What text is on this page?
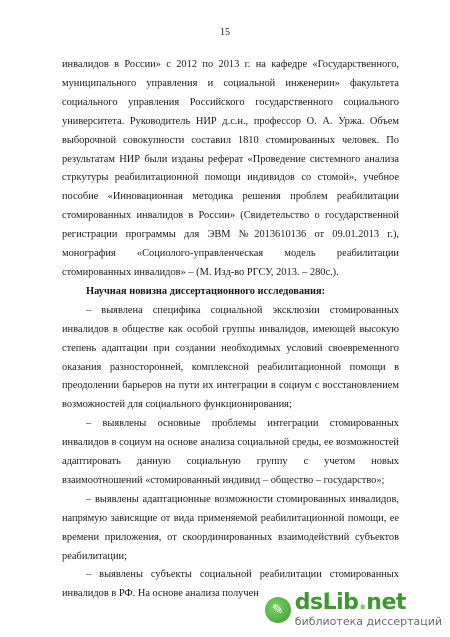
15

инвалидов в России» с 2012 по 2013 г. на кафедре «Государственного, муниципального управления и социальной инженерии» факультета социального управления Российского государственного социального университета. Руководитель НИР д.с.н., профессор О. А. Уржа. Объем выборочной совокупности составил 1810 стомированных человек. По результатам НИР были изданы реферат «Проведение системного анализа стркутуры реабилитационной помощи индивидов со стомой», учебное пособие «Инновационная методика решения проблем реабилитации стомированных инвалидов в России» (Свидетельство о государственной регистрации программы для ЭВМ №2013610136 от 09.01.2013 г.), монография «Социолого-управленческая модель реабилитации стомированных инвалидов» – (М. Изд-во РГСУ, 2013. – 280с.).

Научная новизна диссертационного исследования:

– выявлена специфика социальной эксклюзии стомированных инвалидов в обществе как особой группы инвалидов, имеющей высокую степень адаптации при создании необходимых условий своевременного оказания разносторонней, комплексной реабилитационной помощи в преодолении барьеров на пути их интеграции в социум с восстановлением возможностей для социального функционирования;

– выявлены основные проблемы интеграции стомированных инвалидов в социум на основе анализа социальной среды, ее возможностей адаптировать данную социальную группу с учетом новых взаимоотношений «стомированный индивид – общество – государство»;

– выявлены адаптационные возможности стомированных инвалидов, напрямую зависящие от вида применяемой реабилитационной помощи, ее времени приложения, от скоординированных взаимодействий субъектов реабилитации;

– выявлены субъекты социальной реабилитации стомированных инвалидов в РФ. На основе анализа получен

✎ dsLib.net
библиотека диссертаций
